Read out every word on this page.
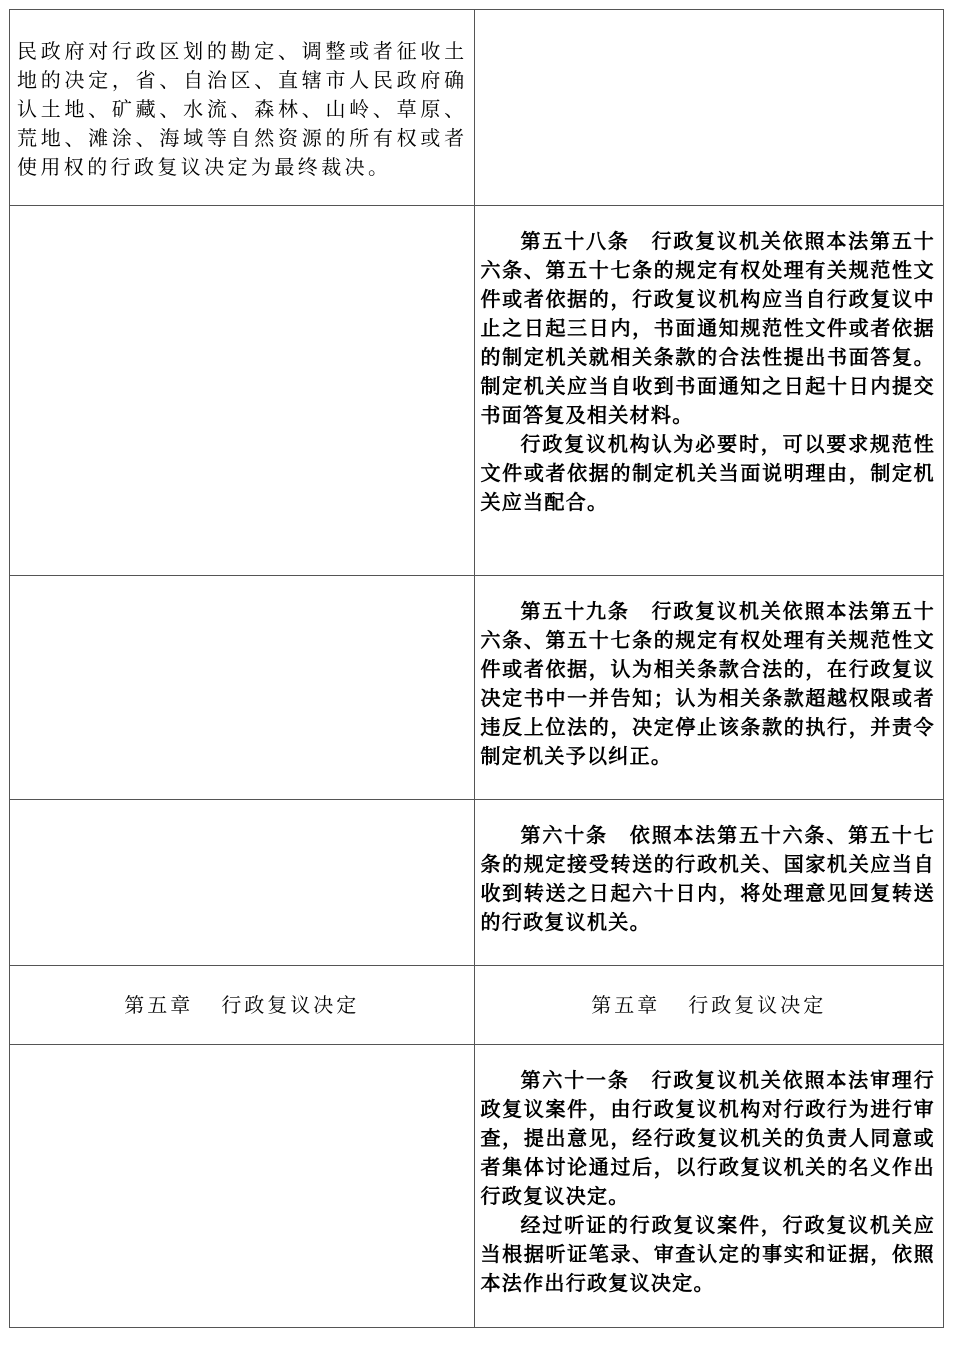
民政府对行政区划的勘定、调整或者征收土地的决定，省、自治区、直辖市人民政府确认土地、矿藏、水流、森林、山岭、草原、荒地、滩涂、海域等自然资源的所有权或者使用权的行政复议决定为最终裁决。

第五十八条　行政复议机关依照本法第五十六条、第五十七条的规定有权处理有关规范性文件或者依据的，行政复议机构应当自行政复议中止之日起三日内，书面通知规范性文件或者依据的制定机关就相关条款的合法性提出书面答复。制定机关应当自收到书面通知之日起十日内提交书面答复及相关材料。

行政复议机构认为必要时，可以要求规范性文件或者依据的制定机关当面说明理由，制定机关应当配合。

第五十九条　行政复议机关依照本法第五十六条、第五十七条的规定有权处理有关规范性文件或者依据，认为相关条款合法的，在行政复议决定书中一并告知；认为相关条款超越权限或者违反上位法的，决定停止该条款的执行，并责令制定机关予以纠正。

第六十条　依照本法第五十六条、第五十七条的规定接受转送的行政机关、国家机关应当自收到转送之日起六十日内，将处理意见回复转送的行政复议机关。

第五章 行政复议决定	第五章 行政复议决定

第六十一条　行政复议机关依照本法审理行政复议案件，由行政复议机构对行政行为进行审查，提出意见，经行政复议机关的负责人同意或者集体讨论通过后，以行政复议机关的名义作出行政复议决定。

经过听证的行政复议案件，行政复议机关应当根据听证笔录、审查认定的事实和证据，依照本法作出行政复议决定。
